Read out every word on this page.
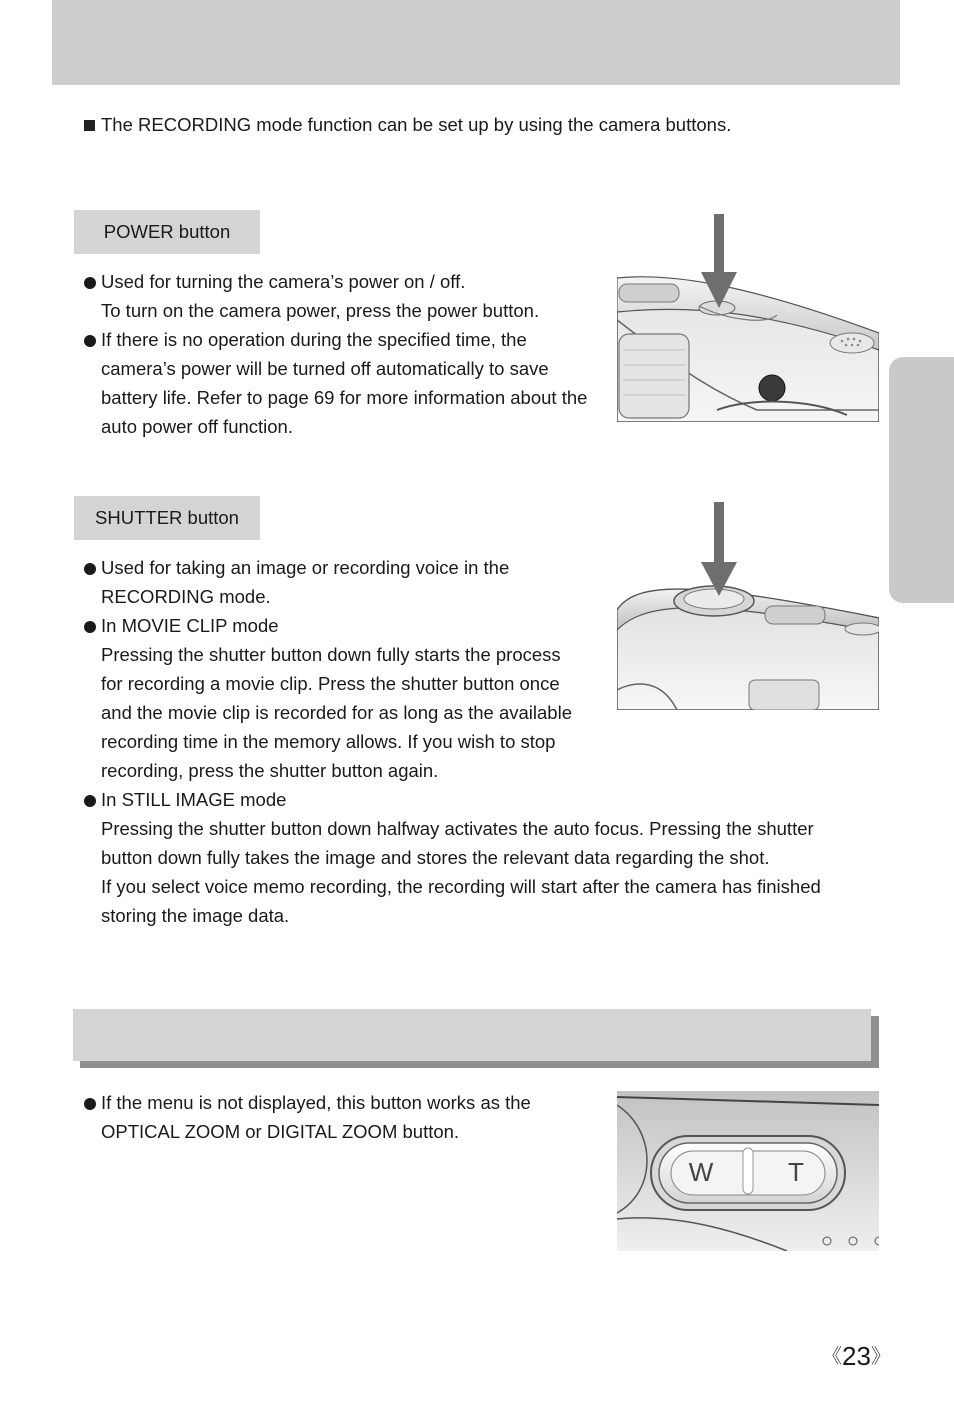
The RECORDING mode function can be set up by using the camera buttons.
POWER button
Used for turning the camera’s power on / off.
To turn on the camera power, press the power button.
If there is no operation during the specified time, the
camera’s power will be turned off automatically to save
battery life. Refer to page 69 for more information about the
auto power off function.
SHUTTER button
Used for taking an image or recording voice in the
RECORDING mode.
In MOVIE CLIP mode
Pressing the shutter button down fully starts the process
for recording a movie clip. Press the shutter button once
and the movie clip is recorded for as long as the available
recording time in the memory allows. If you wish to stop
recording, press the shutter button again.
In STILL IMAGE mode
Pressing the shutter button down halfway activates the auto focus. Pressing the shutter
button down fully takes the image and stores the relevant data regarding the shot.
If you select voice memo recording, the recording will start after the camera has finished
storing the image data.
If the menu is not displayed, this button works as the
OPTICAL ZOOM or DIGITAL ZOOM button.
W	T
《23》
